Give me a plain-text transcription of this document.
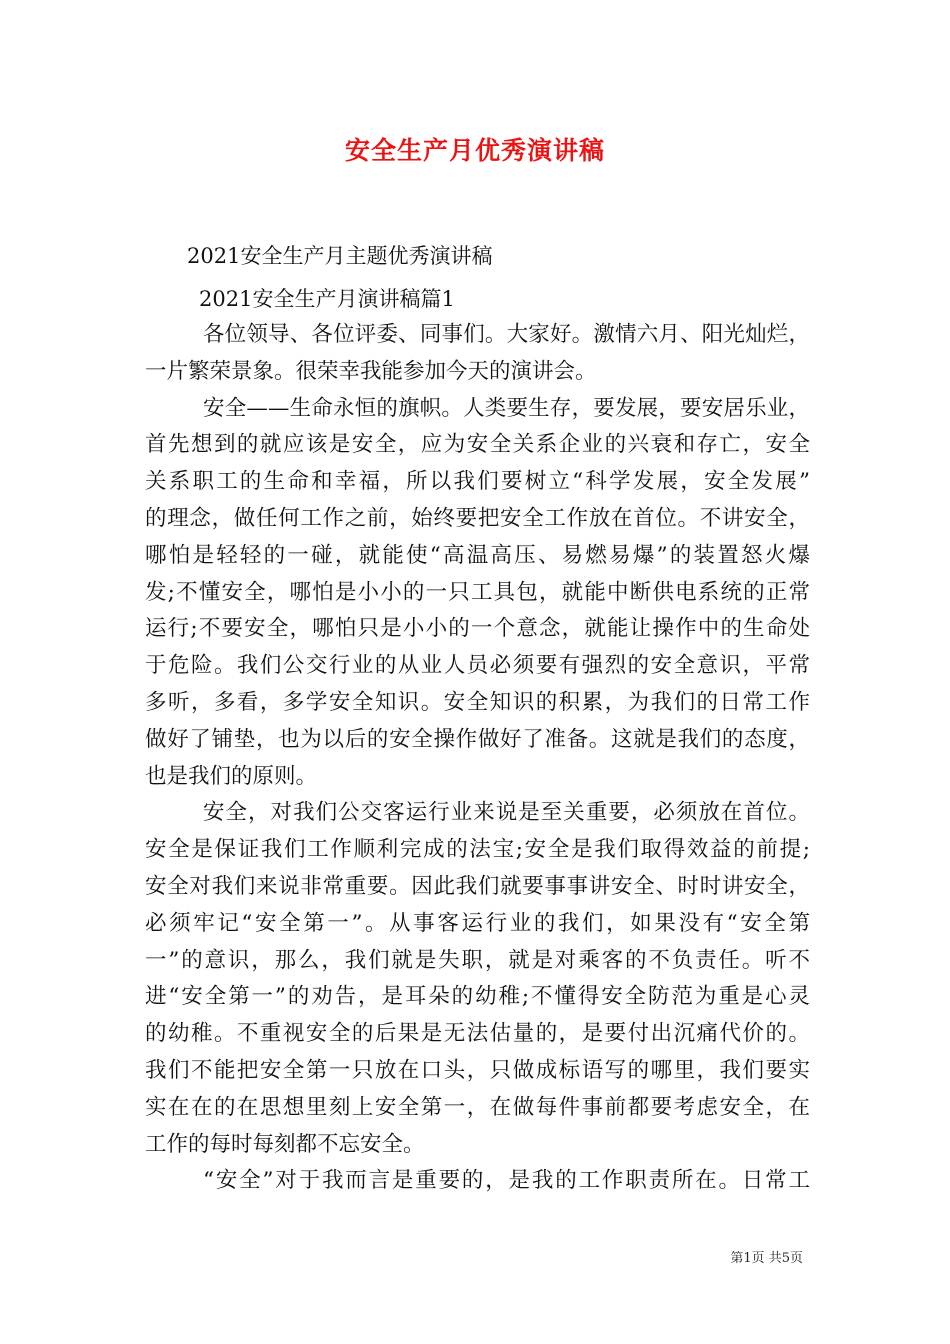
安全生产月优秀演讲稿
2021安全生产月主题优秀演讲稿
2021安全生产月演讲稿篇1
各位领导、各位评委、同事们。大家好。激情六月、阳光灿烂，
一片繁荣景象。很荣幸我能参加今天的演讲会。
安全——生命永恒的旗帜。人类要生存，要发展，要安居乐业，
首先想到的就应该是安全，应为安全关系企业的兴衰和存亡，安全
关系职工的生命和幸福，所以我们要树立“科学发展，安全发展”
的理念，做任何工作之前，始终要把安全工作放在首位。不讲安全，
哪怕是轻轻的一碰，就能使“高温高压、易燃易爆”的装置怒火爆
发;不懂安全，哪怕是小小的一只工具包，就能中断供电系统的正常
运行;不要安全，哪怕只是小小的一个意念，就能让操作中的生命处
于危险。我们公交行业的从业人员必须要有强烈的安全意识，平常
多听，多看，多学安全知识。安全知识的积累，为我们的日常工作
做好了铺垫，也为以后的安全操作做好了准备。这就是我们的态度，
也是我们的原则。
安全，对我们公交客运行业来说是至关重要，必须放在首位。
安全是保证我们工作顺利完成的法宝;安全是我们取得效益的前提;
安全对我们来说非常重要。因此我们就要事事讲安全、时时讲安全，
必须牢记“安全第一”。从事客运行业的我们，如果没有“安全第
一”的意识，那么，我们就是失职，就是对乘客的不负责任。听不
进“安全第一”的劝告，是耳朵的幼稚;不懂得安全防范为重是心灵
的幼稚。不重视安全的后果是无法估量的，是要付出沉痛代价的。
我们不能把安全第一只放在口头，只做成标语写的哪里，我们要实
实在在的在思想里刻上安全第一，在做每件事前都要考虑安全，在
工作的每时每刻都不忘安全。
“安全”对于我而言是重要的，是我的工作职责所在。日常工
第1页 共5页
